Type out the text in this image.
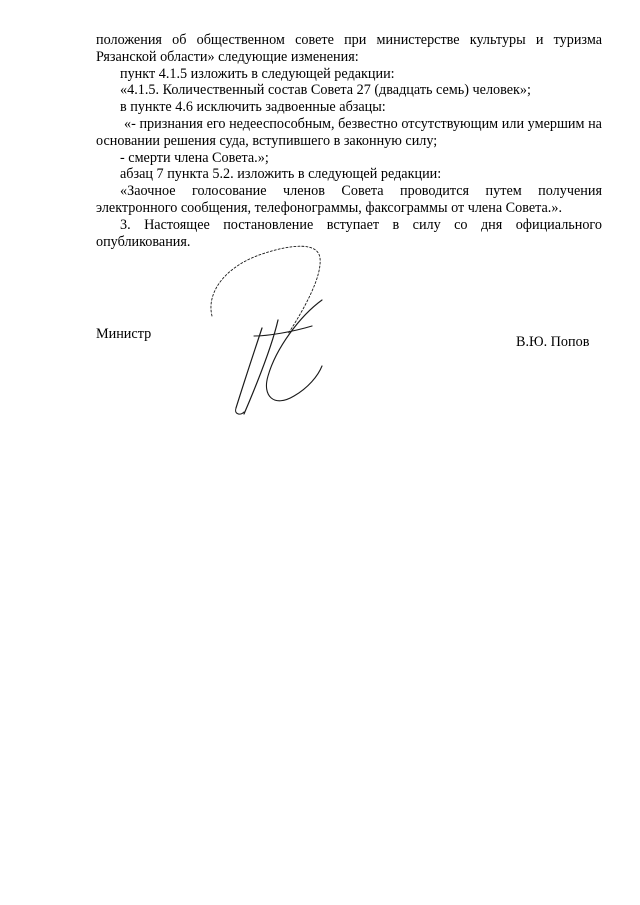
положения об общественном совете при министерстве культуры и туризма Рязанской области» следующие изменения:

пункт 4.1.5 изложить в следующей редакции:

«4.1.5. Количественный состав Совета 27 (двадцать семь) человек»;

в пункте 4.6 исключить задвоенные абзацы:

«- признания его недееспособным, безвестно отсутствующим или умершим на основании решения суда, вступившего в законную силу;

- смерти члена Совета.»;

абзац 7 пункта 5.2. изложить в следующей редакции:

«Заочное голосование членов Совета проводится путем получения электронного сообщения, телефонограммы, факсограммы от члена Совета.».

3. Настоящее постановление вступает в силу со дня официального опубликования.

Министр	В.Ю. Попов
